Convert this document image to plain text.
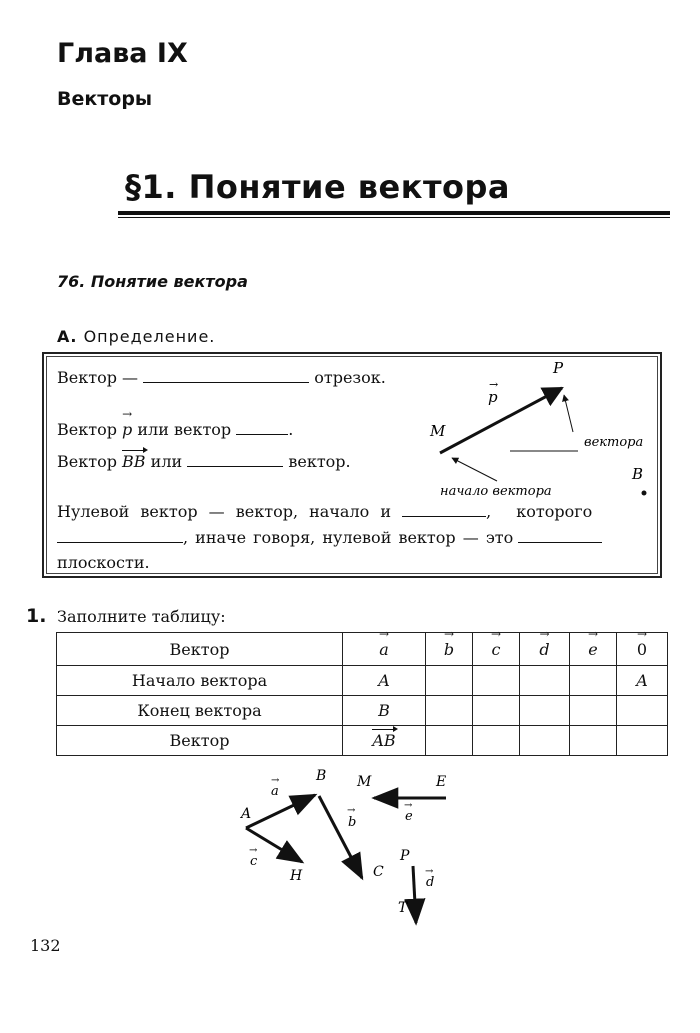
Глава IX
Векторы
§1. Понятие вектора
76. Понятие вектора
А. Определение.
Вектор —	отрезок.
Вектор → p или вектор	.
Вектор BB или	вектор.
Нулевой вектор — вектор, начало и	, которого
, иначе говоря, нулевой вектор — это
плоскости.
P
M
p
→
вектора
начало вектора
B
A
B
C
H
M	E
P
T
a
→
b
→
c
→
e
→
d
→
1. Заполните таблицу:
Вектор	→ a	→ b	→ c	→ d	→ e	→ 0
Начало вектора	A					A
Конец вектора	B					
Вектор	AB					
132
